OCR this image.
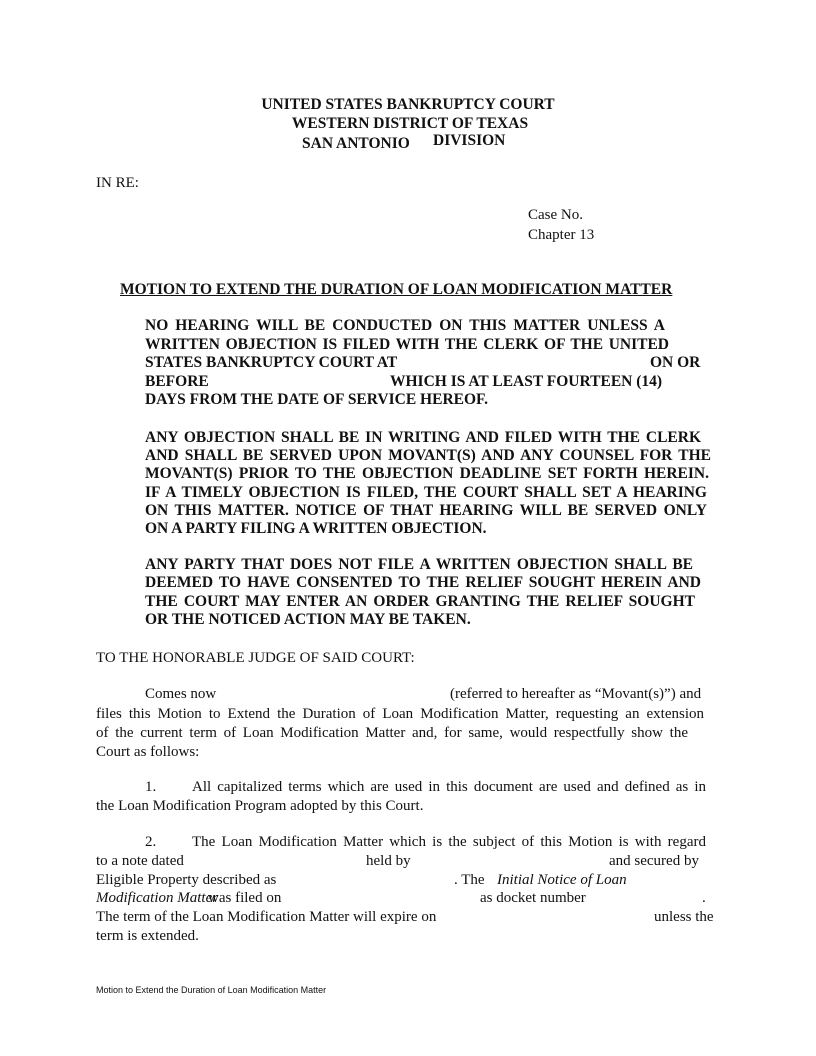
UNITED STATES BANKRUPTCY COURT
WESTERN DISTRICT OF TEXAS
SAN ANTONIO DIVISION
IN RE:
Case No.
Chapter 13
MOTION TO EXTEND THE DURATION OF LOAN MODIFICATION MATTER
NO HEARING WILL BE CONDUCTED ON THIS MATTER UNLESS A
WRITTEN OBJECTION IS FILED WITH THE CLERK OF THE UNITED
STATES BANKRUPTCY COURT AT	ON OR
BEFORE	WHICH IS AT LEAST FOURTEEN (14)
DAYS FROM THE DATE OF SERVICE HEREOF.
ANY OBJECTION SHALL BE IN WRITING AND FILED WITH THE CLERK
AND SHALL BE SERVED UPON MOVANT(S) AND ANY COUNSEL FOR THE
MOVANT(S) PRIOR TO THE OBJECTION DEADLINE SET FORTH HEREIN.
IF A TIMELY OBJECTION IS FILED, THE COURT SHALL SET A HEARING
ON THIS MATTER. NOTICE OF THAT HEARING WILL BE SERVED ONLY
ON A PARTY FILING A WRITTEN OBJECTION.
ANY PARTY THAT DOES NOT FILE A WRITTEN OBJECTION SHALL BE
DEEMED TO HAVE CONSENTED TO THE RELIEF SOUGHT HEREIN AND
THE COURT MAY ENTER AN ORDER GRANTING THE RELIEF SOUGHT
OR THE NOTICED ACTION MAY BE TAKEN.
TO THE HONORABLE JUDGE OF SAID COURT:
Comes now	(referred to hereafter as “Movant(s)”) and
files this Motion to Extend the Duration of Loan Modification Matter, requesting an extension
of the current term of Loan Modification Matter and, for same, would respectfully show the
Court as follows:
1. All capitalized terms which are used in this document are used and defined as in
the Loan Modification Program adopted by this Court.
2. The Loan Modification Matter which is the subject of this Motion is with regard
to a note dated	held by	and secured by
Eligible Property described as	. The Initial Notice of Loan
Modification Matter
was filed on	as docket number	.
The term of the Loan Modification Matter will expire on	unless the
term is extended.
Motion to Extend the Duration of Loan Modification Matter
